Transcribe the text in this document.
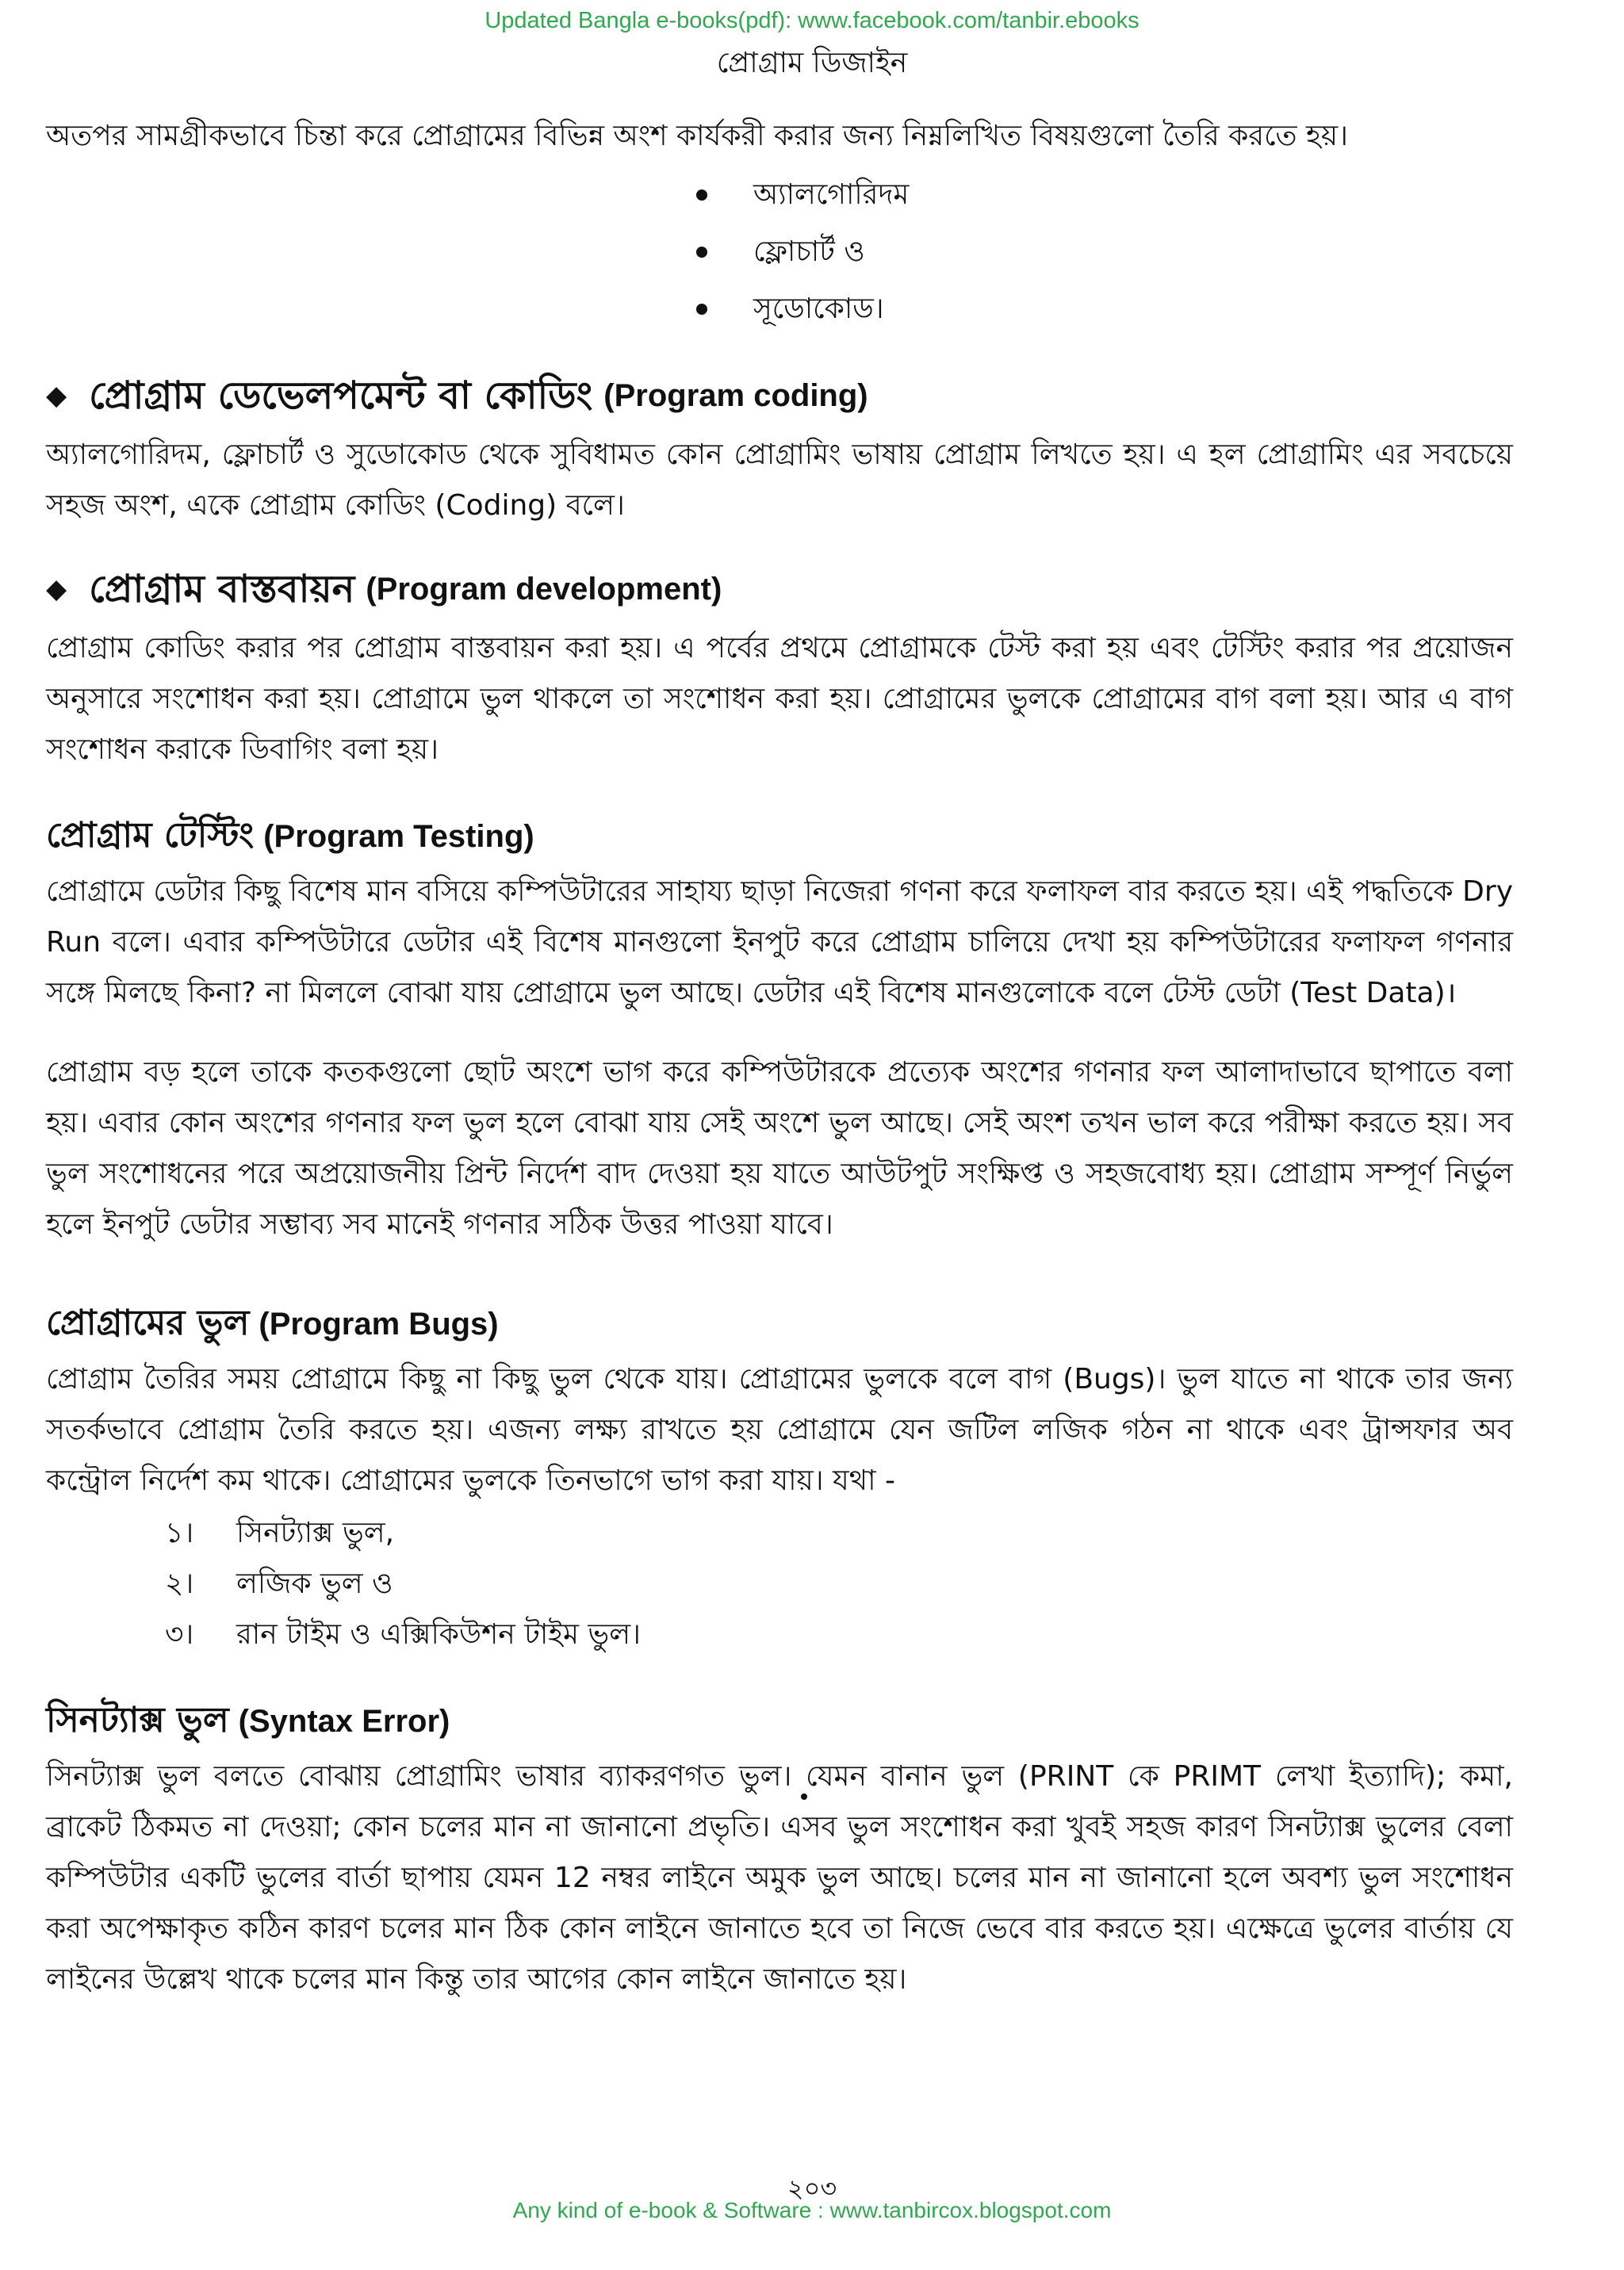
Updated Bangla e-books(pdf): www.facebook.com/tanbir.ebooks
প্রোগ্রাম ডিজাইন

অতপর সামগ্রীকভাবে চিন্তা করে প্রোগ্রামের বিভিন্ন অংশ কার্যকরী করার জন্য নিম্নলিখিত বিষয়গুলো তৈরি করতে হয়।

অ্যালগোরিদম
ফ্লোচার্ট ও
সূডোকোড।
◆ প্রোগ্রাম ডেভেলপমেন্ট বা কোডিং (Program coding)

অ্যালগোরিদম, ফ্লোচার্ট ও সুডোকোড থেকে সুবিধামত কোন প্রোগ্রামিং ভাষায় প্রোগ্রাম লিখতে হয়। এ হল প্রোগ্রামিং এর সবচেয়ে সহজ অংশ, একে প্রোগ্রাম কোডিং (Coding) বলে।

◆ প্রোগ্রাম বাস্তবায়ন (Program development)

প্রোগ্রাম কোডিং করার পর প্রোগ্রাম বাস্তবায়ন করা হয়। এ পর্বের প্রথমে প্রোগ্রামকে টেস্ট করা হয় এবং টেস্টিং করার পর প্রয়োজন অনুসারে সংশোধন করা হয়। প্রোগ্রামে ভুল থাকলে তা সংশোধন করা হয়। প্রোগ্রামের ভুলকে প্রোগ্রামের বাগ বলা হয়। আর এ বাগ সংশোধন করাকে ডিবাগিং বলা হয়।

প্রোগ্রাম টেস্টিং (Program Testing)

প্রোগ্রামে ডেটার কিছু বিশেষ মান বসিয়ে কম্পিউটারের সাহায্য ছাড়া নিজেরা গণনা করে ফলাফল বার করতে হয়। এই পদ্ধতিকে Dry Run বলে। এবার কম্পিউটারে ডেটার এই বিশেষ মানগুলো ইনপুট করে প্রোগ্রাম চালিয়ে দেখা হয় কম্পিউটারের ফলাফল গণনার সঙ্গে মিলছে কিনা? না মিললে বোঝা যায় প্রোগ্রামে ভুল আছে। ডেটার এই বিশেষ মানগুলোকে বলে টেস্ট ডেটা (Test Data)।

প্রোগ্রাম বড় হলে তাকে কতকগুলো ছোট অংশে ভাগ করে কম্পিউটারকে প্রত্যেক অংশের গণনার ফল আলাদাভাবে ছাপাতে বলা হয়। এবার কোন অংশের গণনার ফল ভুল হলে বোঝা যায় সেই অংশে ভুল আছে। সেই অংশ তখন ভাল করে পরীক্ষা করতে হয়। সব ভুল সংশোধনের পরে অপ্রয়োজনীয় প্রিন্ট নির্দেশ বাদ দেওয়া হয় যাতে আউটপুট সংক্ষিপ্ত ও সহজবোধ্য হয়। প্রোগ্রাম সম্পূর্ণ নির্ভুল হলে ইনপুট ডেটার সম্ভাব্য সব মানেই গণনার সঠিক উত্তর পাওয়া যাবে।

প্রোগ্রামের ভুল (Program Bugs)

প্রোগ্রাম তৈরির সময় প্রোগ্রামে কিছু না কিছু ভুল থেকে যায়। প্রোগ্রামের ভুলকে বলে বাগ (Bugs)। ভুল যাতে না থাকে তার জন্য সতর্কভাবে প্রোগ্রাম তৈরি করতে হয়। এজন্য লক্ষ্য রাখতে হয় প্রোগ্রামে যেন জটিল লজিক গঠন না থাকে এবং ট্রান্সফার অব কন্ট্রোল নির্দেশ কম থাকে। প্রোগ্রামের ভুলকে তিনভাগে ভাগ করা যায়। যথা -

১। সিনট্যাক্স ভুল,
২। লজিক ভুল ও
৩। রান টাইম ও এক্সিকিউশন টাইম ভুল।
সিনট্যাক্স ভুল (Syntax Error)

সিনট্যাক্স ভুল বলতে বোঝায় প্রোগ্রামিং ভাষার ব্যাকরণগত ভুল। যেমন বানান ভুল (PRINT কে PRIMT লেখা ইত্যাদি); কমা, ব্রাকেট ঠিকমত না দেওয়া; কোন চলের মান না জানানো প্রভৃতি। এসব ভুল সংশোধন করা খুবই সহজ কারণ সিনট্যাক্স ভুলের বেলা কম্পিউটার একটি ভুলের বার্তা ছাপায় যেমন 12 নম্বর লাইনে অমুক ভুল আছে। চলের মান না জানানো হলে অবশ্য ভুল সংশোধন করা অপেক্ষাকৃত কঠিন কারণ চলের মান ঠিক কোন লাইনে জানাতে হবে তা নিজে ভেবে বার করতে হয়। এক্ষেত্রে ভুলের বার্তায় যে লাইনের উল্লেখ থাকে চলের মান কিন্তু তার আগের কোন লাইনে জানাতে হয়।

২০৩
Any kind of e-book & Software : www.tanbircox.blogspot.com
